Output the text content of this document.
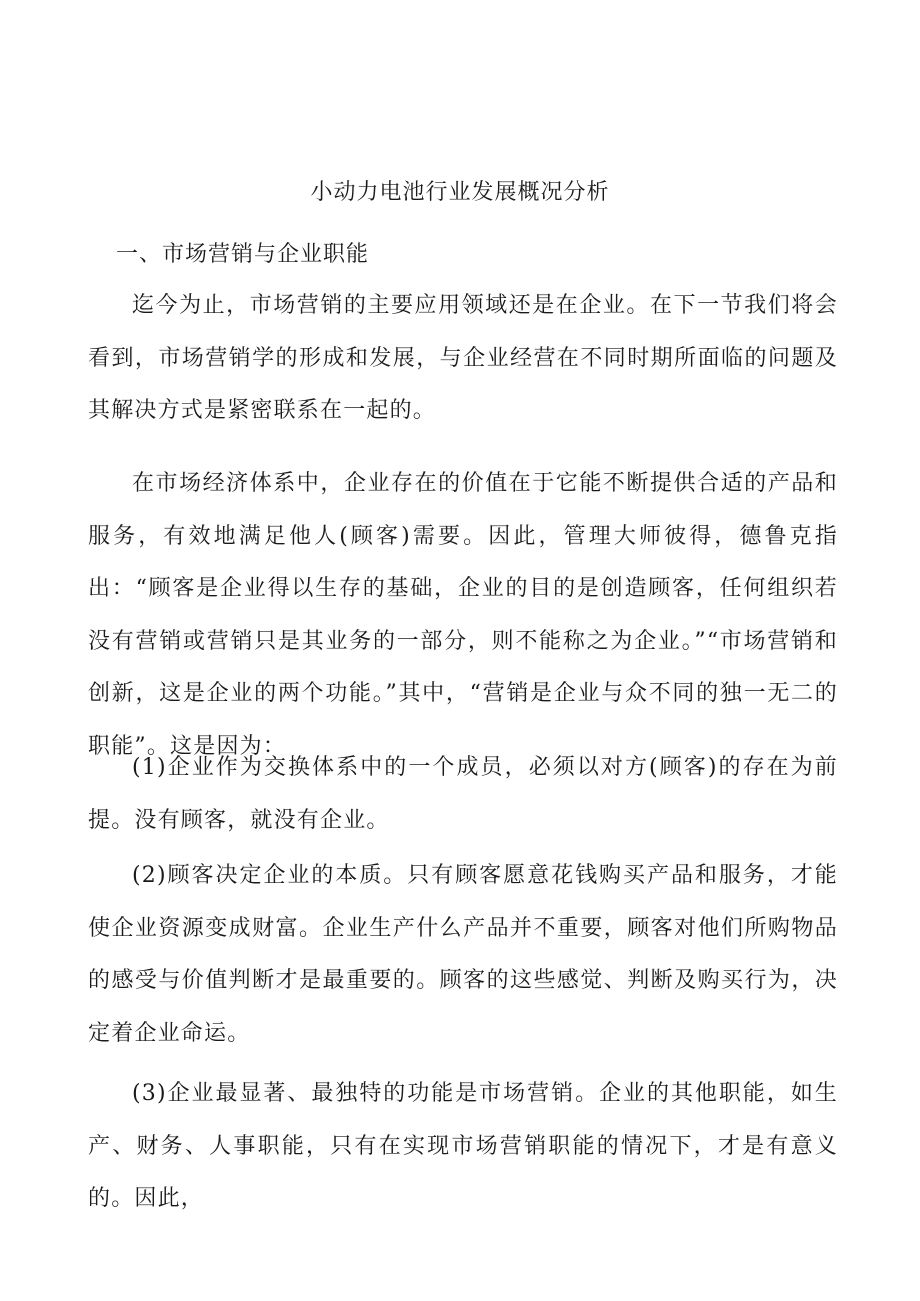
小动力电池行业发展概况分析
一、市场营销与企业职能

迄今为止，市场营销的主要应用领域还是在企业。在下一节我们将会看到，市场营销学的形成和发展，与企业经营在不同时期所面临的问题及其解决方式是紧密联系在一起的。

在市场经济体系中，企业存在的价值在于它能不断提供合适的产品和服务，有效地满足他人(顾客)需要。因此，管理大师彼得，德鲁克指出：“顾客是企业得以生存的基础，企业的目的是创造顾客，任何组织若没有营销或营销只是其业务的一部分，则不能称之为企业。”“市场营销和创新，这是企业的两个功能。”其中，“营销是企业与众不同的独一无二的职能”。这是因为：

(1)企业作为交换体系中的一个成员，必须以对方(顾客)的存在为前提。没有顾客，就没有企业。

(2)顾客决定企业的本质。只有顾客愿意花钱购买产品和服务，才能使企业资源变成财富。企业生产什么产品并不重要，顾客对他们所购物品的感受与价值判断才是最重要的。顾客的这些感觉、判断及购买行为，决定着企业命运。

(3)企业最显著、最独特的功能是市场营销。企业的其他职能，如生产、财务、人事职能，只有在实现市场营销职能的情况下，才是有意义的。因此，
